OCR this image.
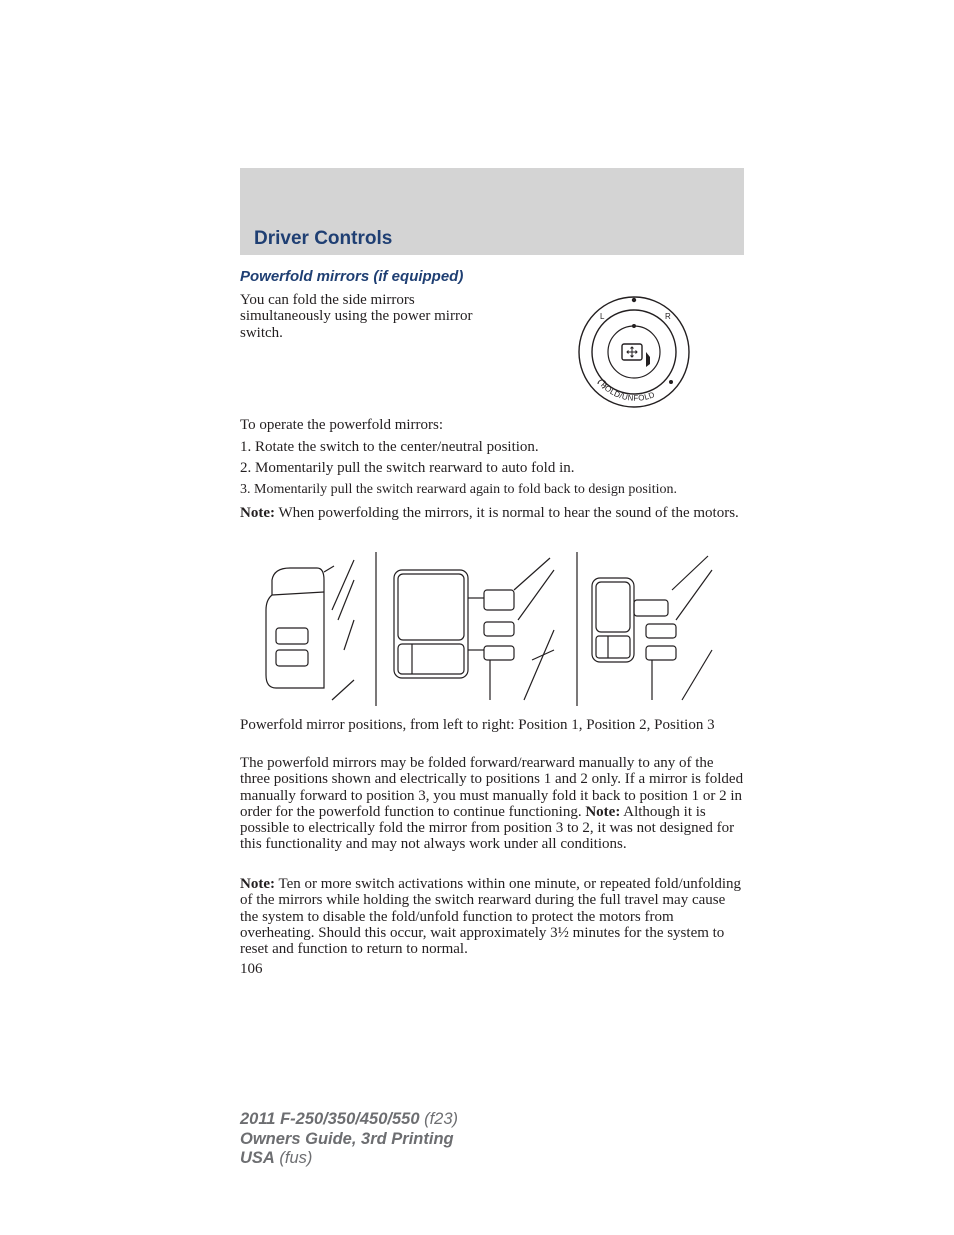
Driver Controls
Powerfold mirrors (if equipped)

You can fold the side mirrors simultaneously using the power mirror switch.

L	R
FOLD/UNFOLD

To operate the powerfold mirrors:

1. Rotate the switch to the center/neutral position.

2. Momentarily pull the switch rearward to auto fold in.

3. Momentarily pull the switch rearward again to fold back to design position.

Note: When powerfolding the mirrors, it is normal to hear the sound of the motors.

Powerfold mirror positions, from left to right: Position 1, Position 2, Position 3

The powerfold mirrors may be folded forward/rearward manually to any of the three positions shown and electrically to positions 1 and 2 only. If a mirror is folded manually forward to position 3, you must manually fold it back to position 1 or 2 in order for the powerfold function to continue functioning. Note: Although it is possible to electrically fold the mirror from position 3 to 2, it was not designed for this functionality and may not always work under all conditions.

Note: Ten or more switch activations within one minute, or repeated fold/unfolding of the mirrors while holding the switch rearward during the full travel may cause the system to disable the fold/unfold function to protect the motors from overheating. Should this occur, wait approximately 3½ minutes for the system to reset and function to return to normal.

106
2011 F-250/350/450/550 (f23)
Owners Guide, 3rd Printing
USA (fus)
